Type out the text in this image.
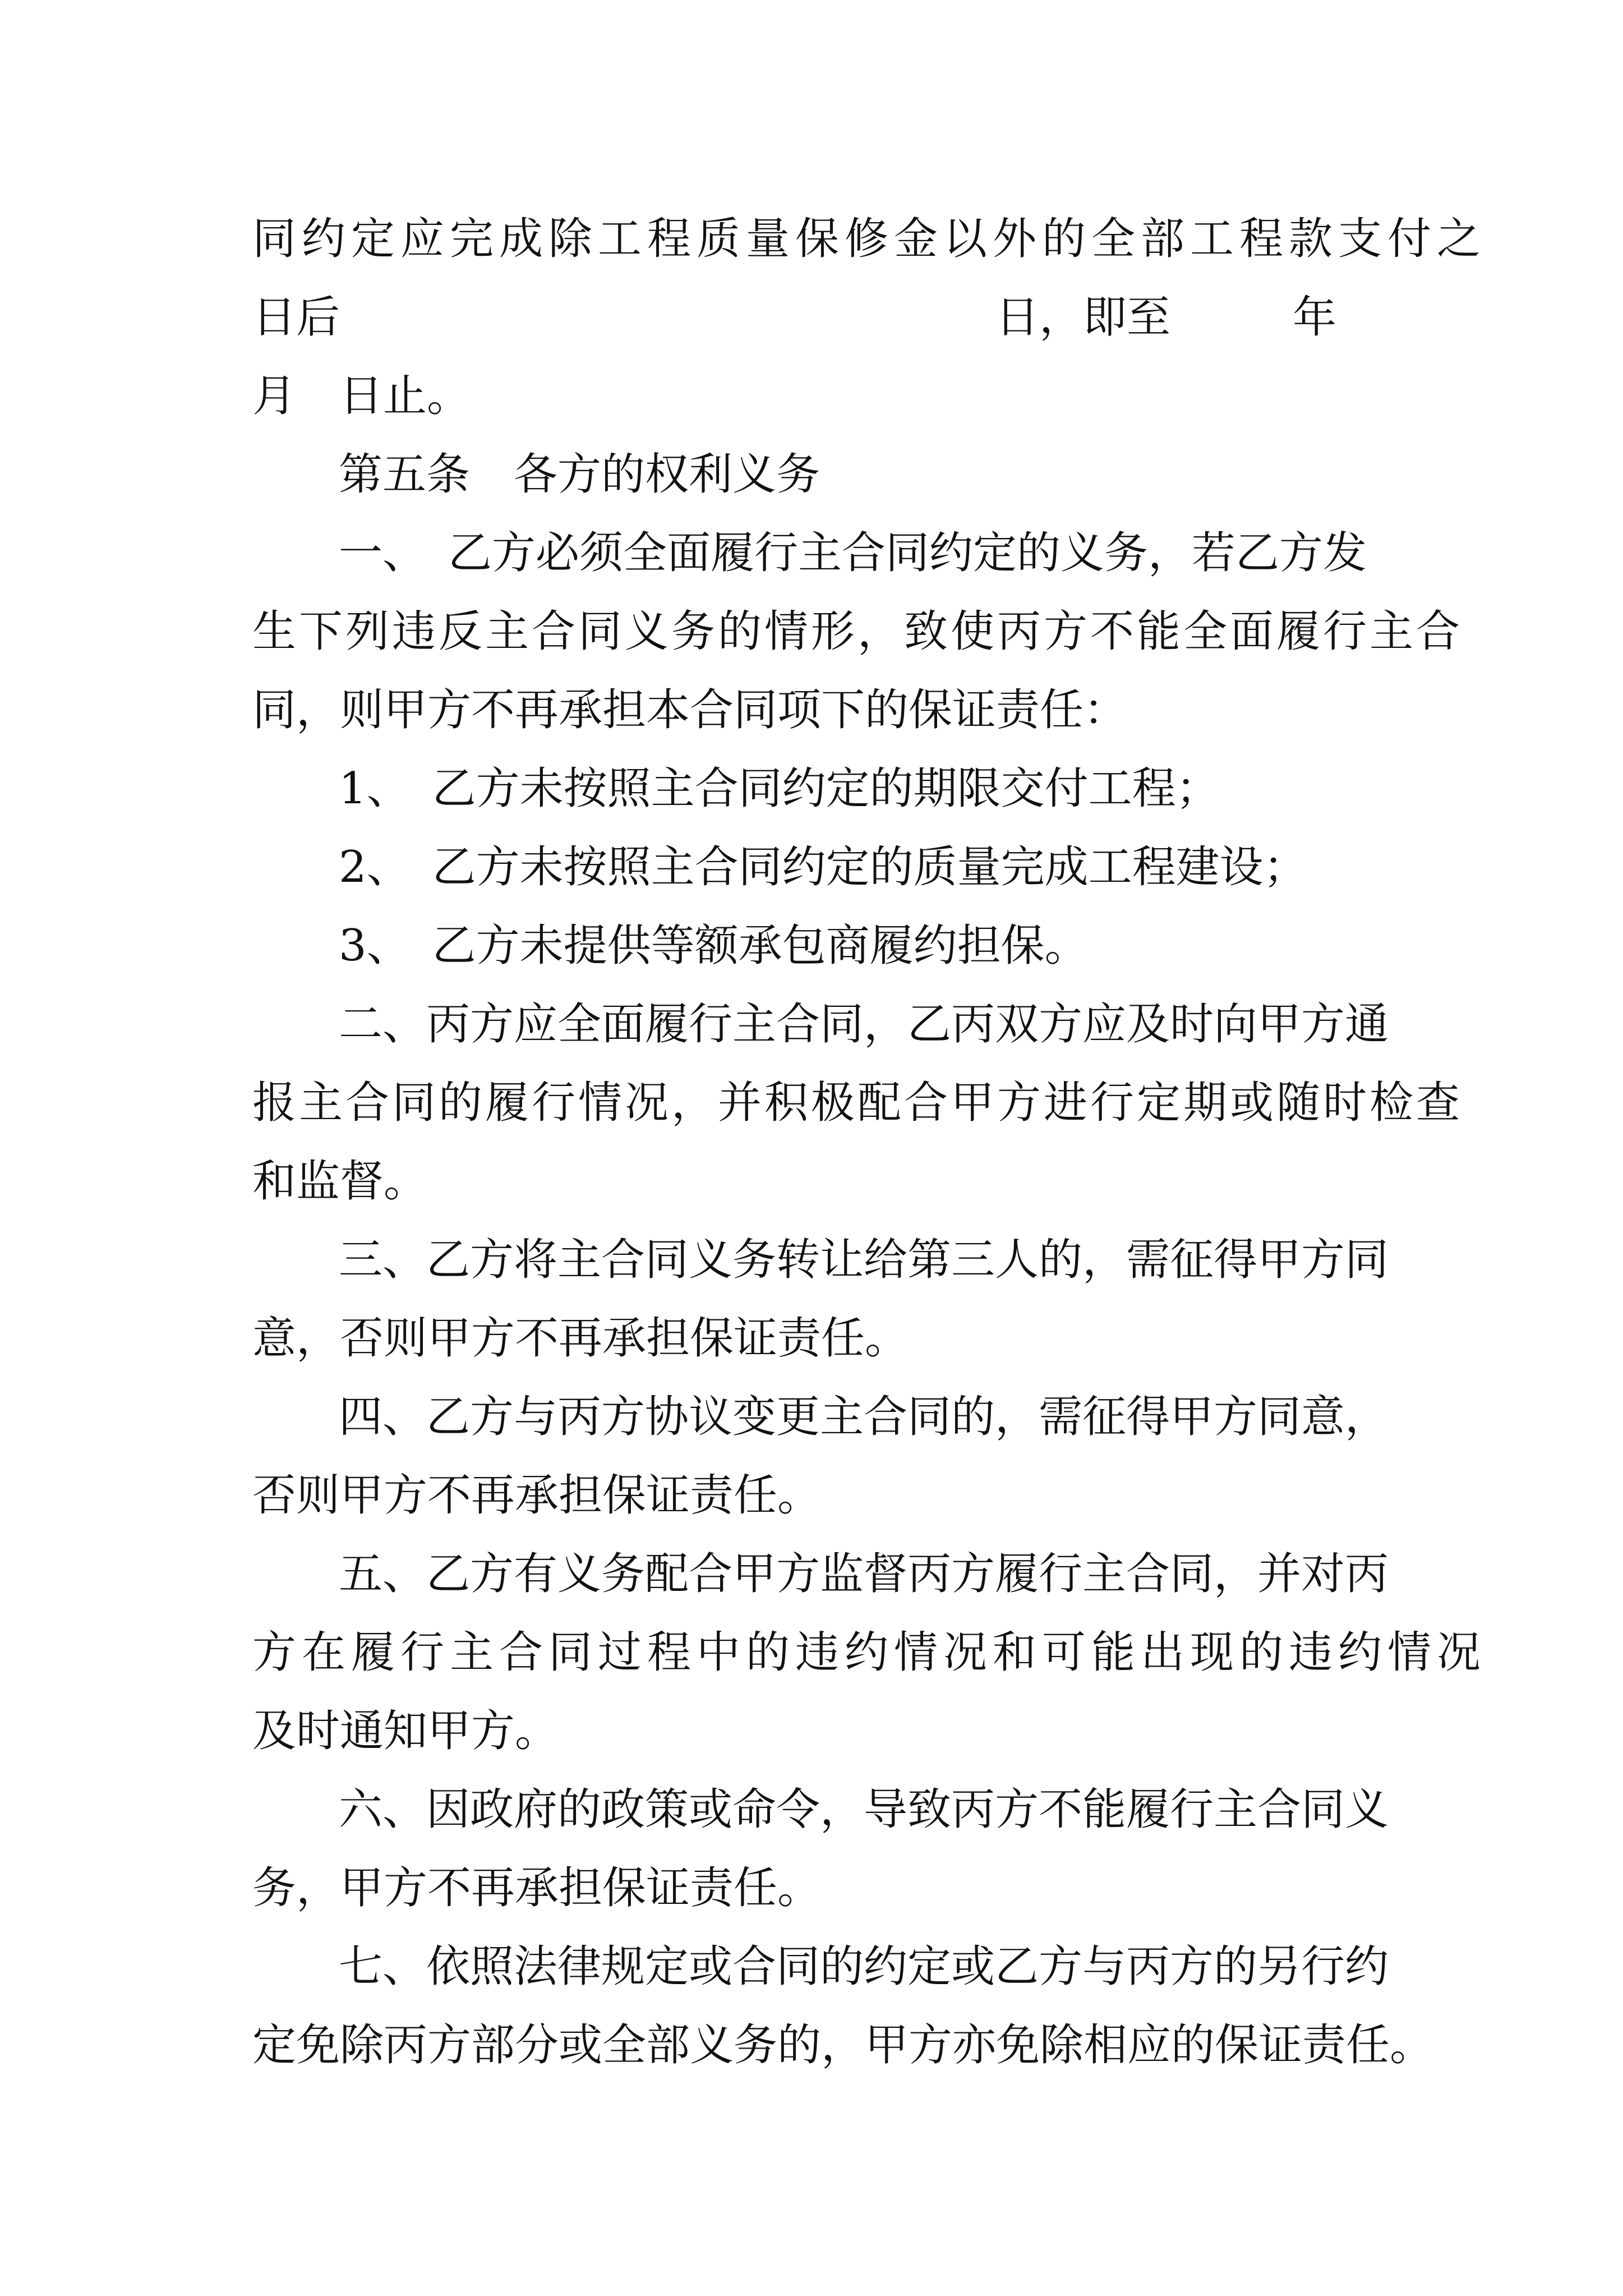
同约定应完成除工程质量保修金以外的全部工程款支付之
日后	日，即至	年
月 日止。
第五条　各方的权利义务
一、　乙方必须全面履行主合同约定的义务，若乙方发
生下列违反主合同义务的情形，致使丙方不能全面履行主合
同，则甲方不再承担本合同项下的保证责任：
1、　乙方未按照主合同约定的期限交付工程；
2、　乙方未按照主合同约定的质量完成工程建设；
3、　乙方未提供等额承包商履约担保。
二、丙方应全面履行主合同，乙丙双方应及时向甲方通
报主合同的履行情况，并积极配合甲方进行定期或随时检查
和监督。
三、乙方将主合同义务转让给第三人的，需征得甲方同
意，否则甲方不再承担保证责任。
四、乙方与丙方协议变更主合同的，需征得甲方同意，
否则甲方不再承担保证责任。
五、乙方有义务配合甲方监督丙方履行主合同，并对丙
方在履行主合同过程中的违约情况和可能出现的违约情况
及时通知甲方。
六、因政府的政策或命令，导致丙方不能履行主合同义
务，甲方不再承担保证责任。
七、依照法律规定或合同的约定或乙方与丙方的另行约
定免除丙方部分或全部义务的，甲方亦免除相应的保证责任。
